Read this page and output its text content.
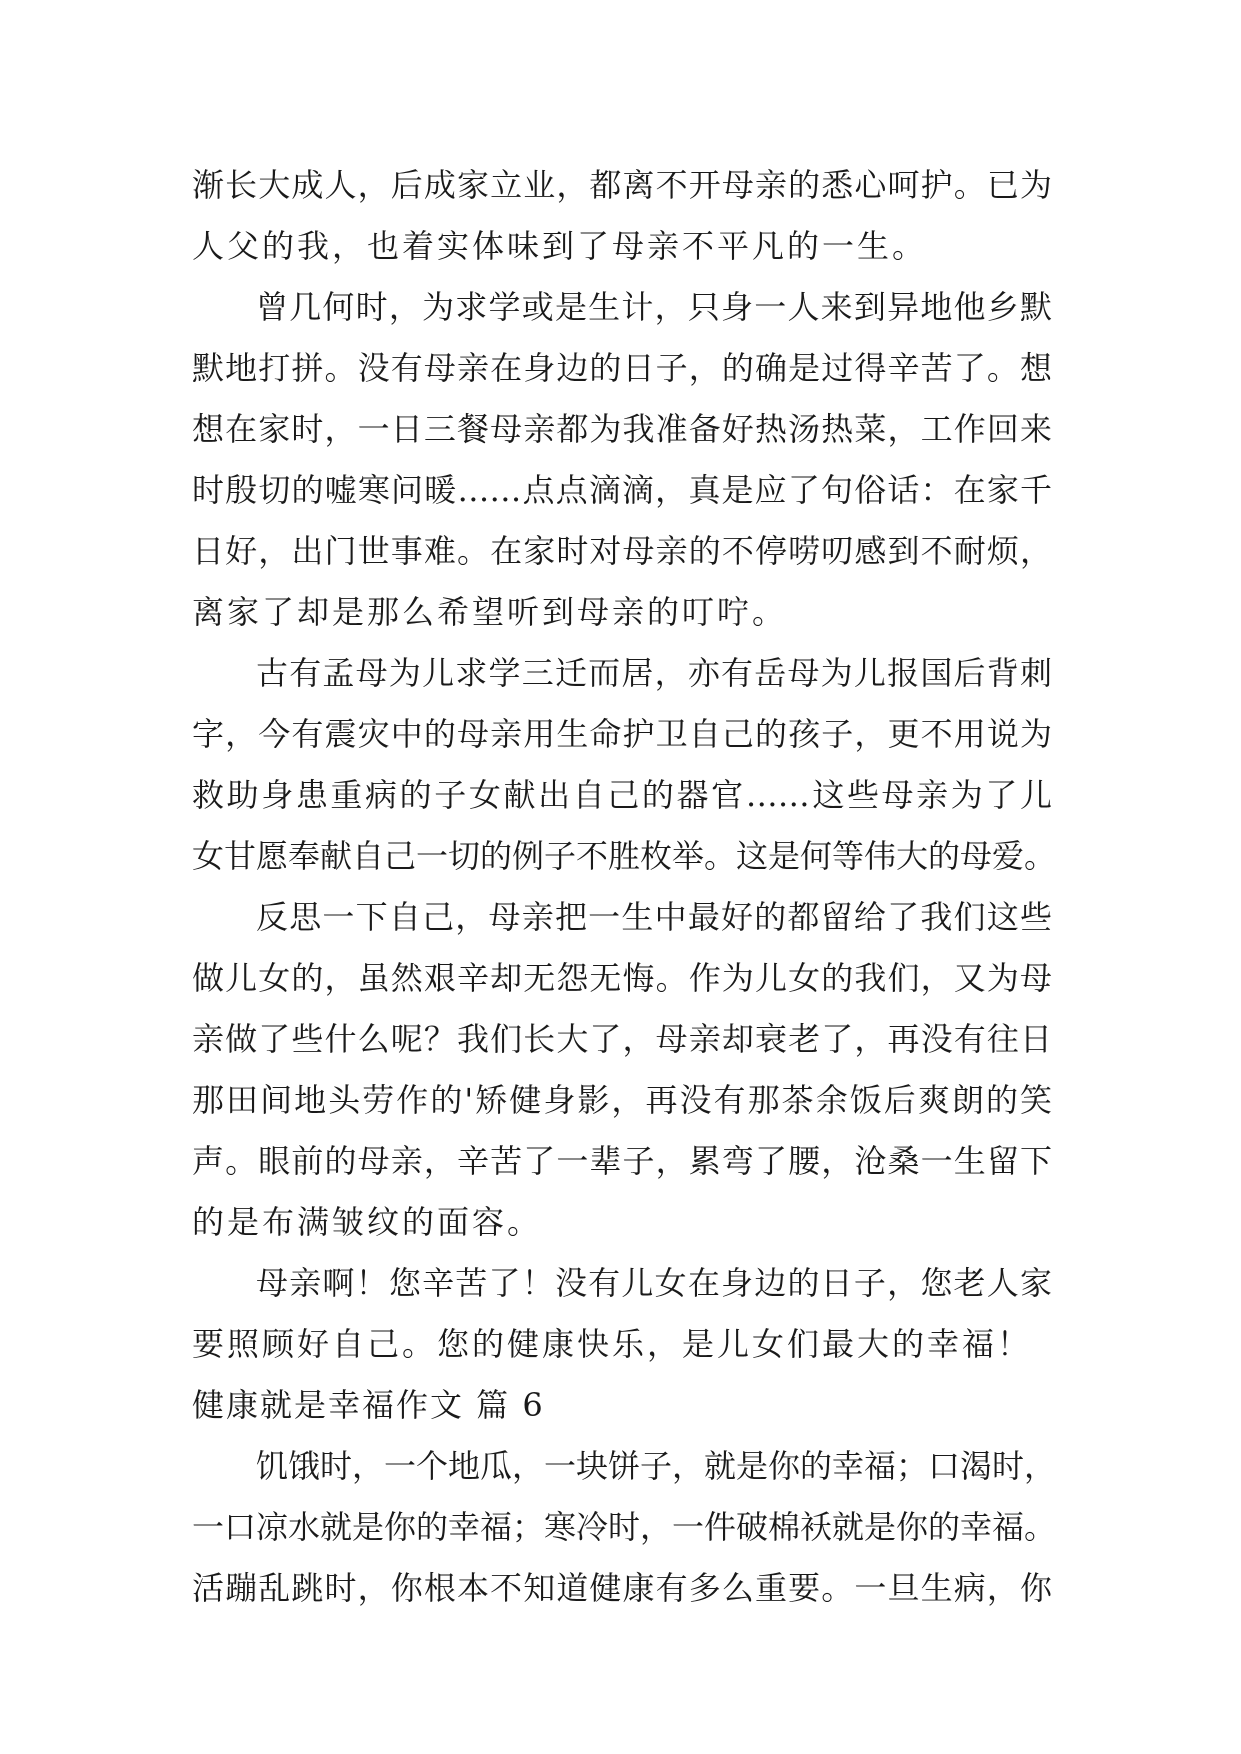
渐长大成人，后成家立业，都离不开母亲的悉心呵护。已为
人父的我，也着实体味到了母亲不平凡的一生。
曾几何时，为求学或是生计，只身一人来到异地他乡默
默地打拼。没有母亲在身边的日子，的确是过得辛苦了。想
想在家时，一日三餐母亲都为我准备好热汤热菜，工作回来
时殷切的嘘寒问暖……点点滴滴，真是应了句俗话：在家千
日好，出门世事难。在家时对母亲的不停唠叨感到不耐烦，
离家了却是那么希望听到母亲的叮咛。
古有孟母为儿求学三迁而居，亦有岳母为儿报国后背刺
字，今有震灾中的母亲用生命护卫自己的孩子，更不用说为
救助身患重病的子女献出自己的器官……这些母亲为了儿
女甘愿奉献自己一切的例子不胜枚举。这是何等伟大的母爱。
反思一下自己，母亲把一生中最好的都留给了我们这些
做儿女的，虽然艰辛却无怨无悔。作为儿女的我们，又为母
亲做了些什么呢？我们长大了，母亲却衰老了，再没有往日
那田间地头劳作的'矫健身影，再没有那茶余饭后爽朗的笑
声。眼前的母亲，辛苦了一辈子，累弯了腰，沧桑一生留下
的是布满皱纹的面容。
母亲啊！您辛苦了！没有儿女在身边的日子，您老人家
要照顾好自己。您的健康快乐，是儿女们最大的幸福！
健康就是幸福作文 篇 6
饥饿时，一个地瓜，一块饼子，就是你的幸福；口渴时，
一口凉水就是你的幸福；寒冷时，一件破棉袄就是你的幸福。
活蹦乱跳时，你根本不知道健康有多么重要。一旦生病，你
